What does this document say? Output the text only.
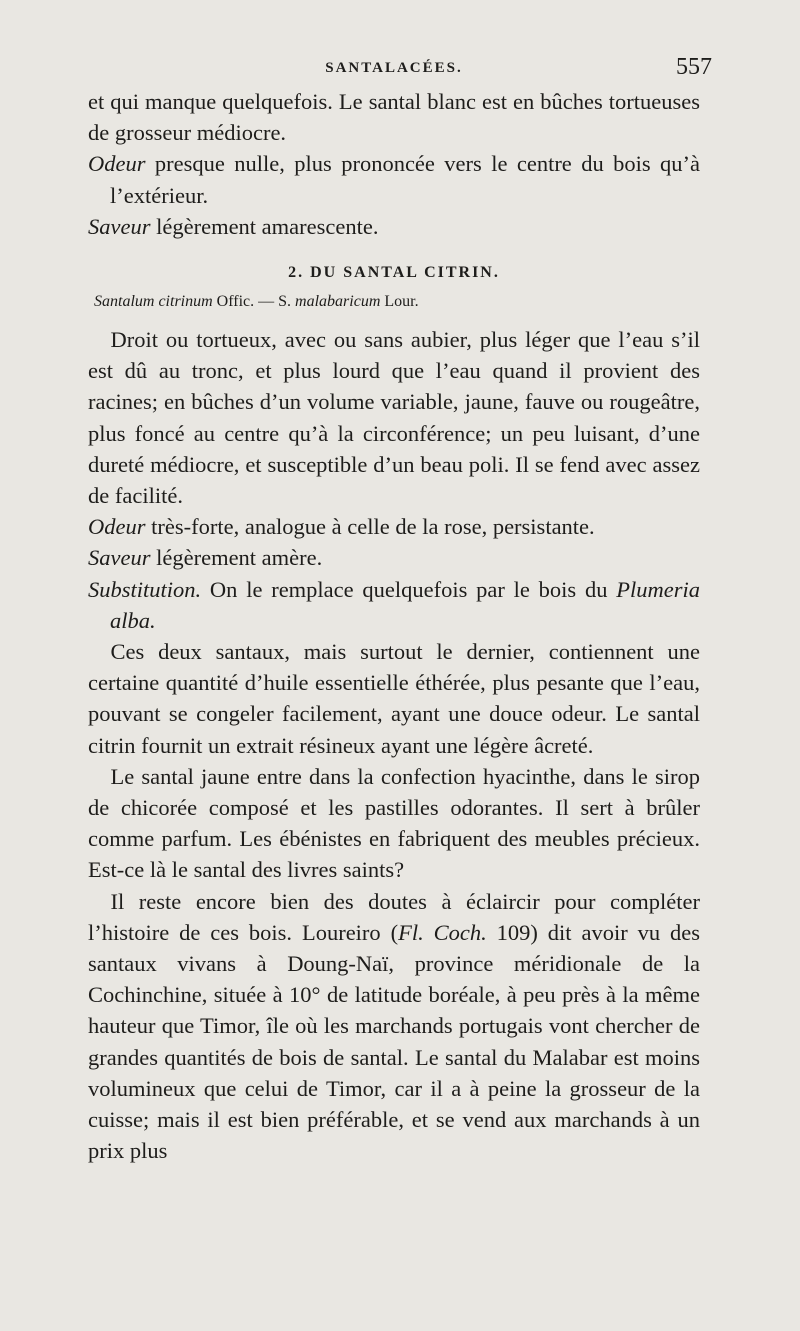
SANTALACÉES.	557

et qui manque quelquefois. Le santal blanc est en bûches tortueuses de grosseur médiocre.

Odeur presque nulle, plus prononcée vers le centre du bois qu’à l’extérieur.

Saveur légèrement amarescente.

2. DU SANTAL CITRIN.
Santalum citrinum Offic. — S. malabaricum Lour.

Droit ou tortueux, avec ou sans aubier, plus léger que l’eau s’il est dû au tronc, et plus lourd que l’eau quand il provient des racines; en bûches d’un volume variable, jaune, fauve ou rougeâtre, plus foncé au centre qu’à la circonférence; un peu luisant, d’une dureté médiocre, et susceptible d’un beau poli. Il se fend avec assez de facilité.

Odeur très-forte, analogue à celle de la rose, persistante.

Saveur légèrement amère.

Substitution. On le remplace quelquefois par le bois du Plumeria alba.

Ces deux santaux, mais surtout le dernier, contiennent une certaine quantité d’huile essentielle éthérée, plus pesante que l’eau, pouvant se congeler facilement, ayant une douce odeur. Le santal citrin fournit un extrait résineux ayant une légère âcreté.

Le santal jaune entre dans la confection hyacinthe, dans le sirop de chicorée composé et les pastilles odorantes. Il sert à brûler comme parfum. Les ébénistes en fabriquent des meubles précieux. Est-ce là le santal des livres saints?

Il reste encore bien des doutes à éclaircir pour compléter l’histoire de ces bois. Loureiro (Fl. Coch. 109) dit avoir vu des santaux vivans à Doung-Naï, province méridionale de la Cochinchine, située à 10° de latitude boréale, à peu près à la même hauteur que Timor, île où les marchands portugais vont chercher de grandes quantités de bois de santal. Le santal du Malabar est moins volumineux que celui de Timor, car il a à peine la grosseur de la cuisse; mais il est bien préférable, et se vend aux marchands à un prix plus
